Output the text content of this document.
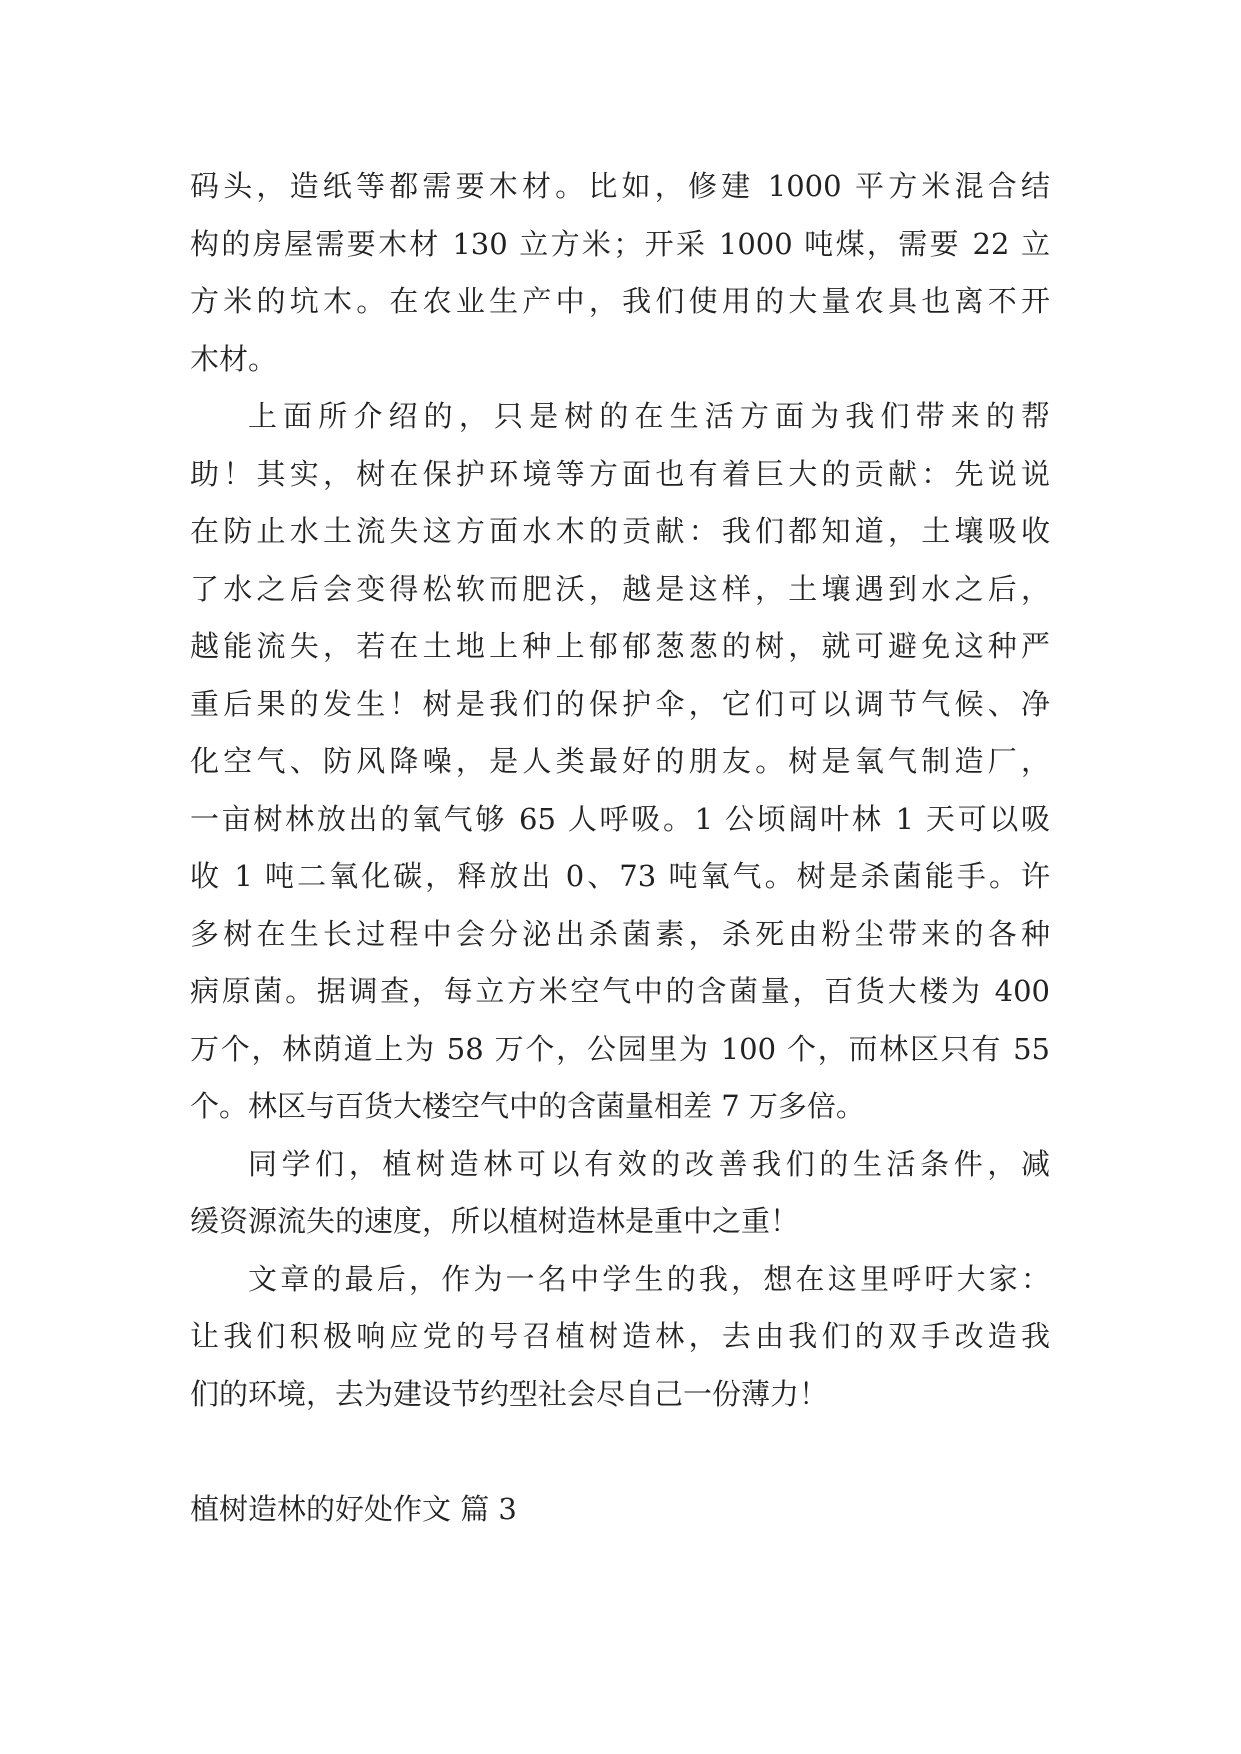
码头，造纸等都需要木材。比如，修建 1000 平方米混合结
构的房屋需要木材 130 立方米；开采 1000 吨煤，需要 22 立
方米的坑木。在农业生产中，我们使用的大量农具也离不开
木材。
上面所介绍的，只是树的在生活方面为我们带来的帮
助！其实，树在保护环境等方面也有着巨大的贡献：先说说
在防止水土流失这方面水木的贡献：我们都知道，土壤吸收
了水之后会变得松软而肥沃，越是这样，土壤遇到水之后，
越能流失，若在土地上种上郁郁葱葱的树，就可避免这种严
重后果的发生！树是我们的保护伞，它们可以调节气候、净
化空气、防风降噪，是人类最好的朋友。树是氧气制造厂，
一亩树林放出的氧气够 65 人呼吸。1 公顷阔叶林 1 天可以吸
收 1 吨二氧化碳，释放出 0、73 吨氧气。树是杀菌能手。许
多树在生长过程中会分泌出杀菌素，杀死由粉尘带来的各种
病原菌。据调查，每立方米空气中的含菌量，百货大楼为 400
万个，林荫道上为 58 万个，公园里为 100 个，而林区只有 55
个。林区与百货大楼空气中的含菌量相差 7 万多倍。
同学们，植树造林可以有效的改善我们的生活条件，减
缓资源流失的速度，所以植树造林是重中之重！
文章的最后，作为一名中学生的我，想在这里呼吁大家：
让我们积极响应党的号召植树造林，去由我们的双手改造我
们的环境，去为建设节约型社会尽自己一份薄力！
植树造林的好处作文 篇 3
